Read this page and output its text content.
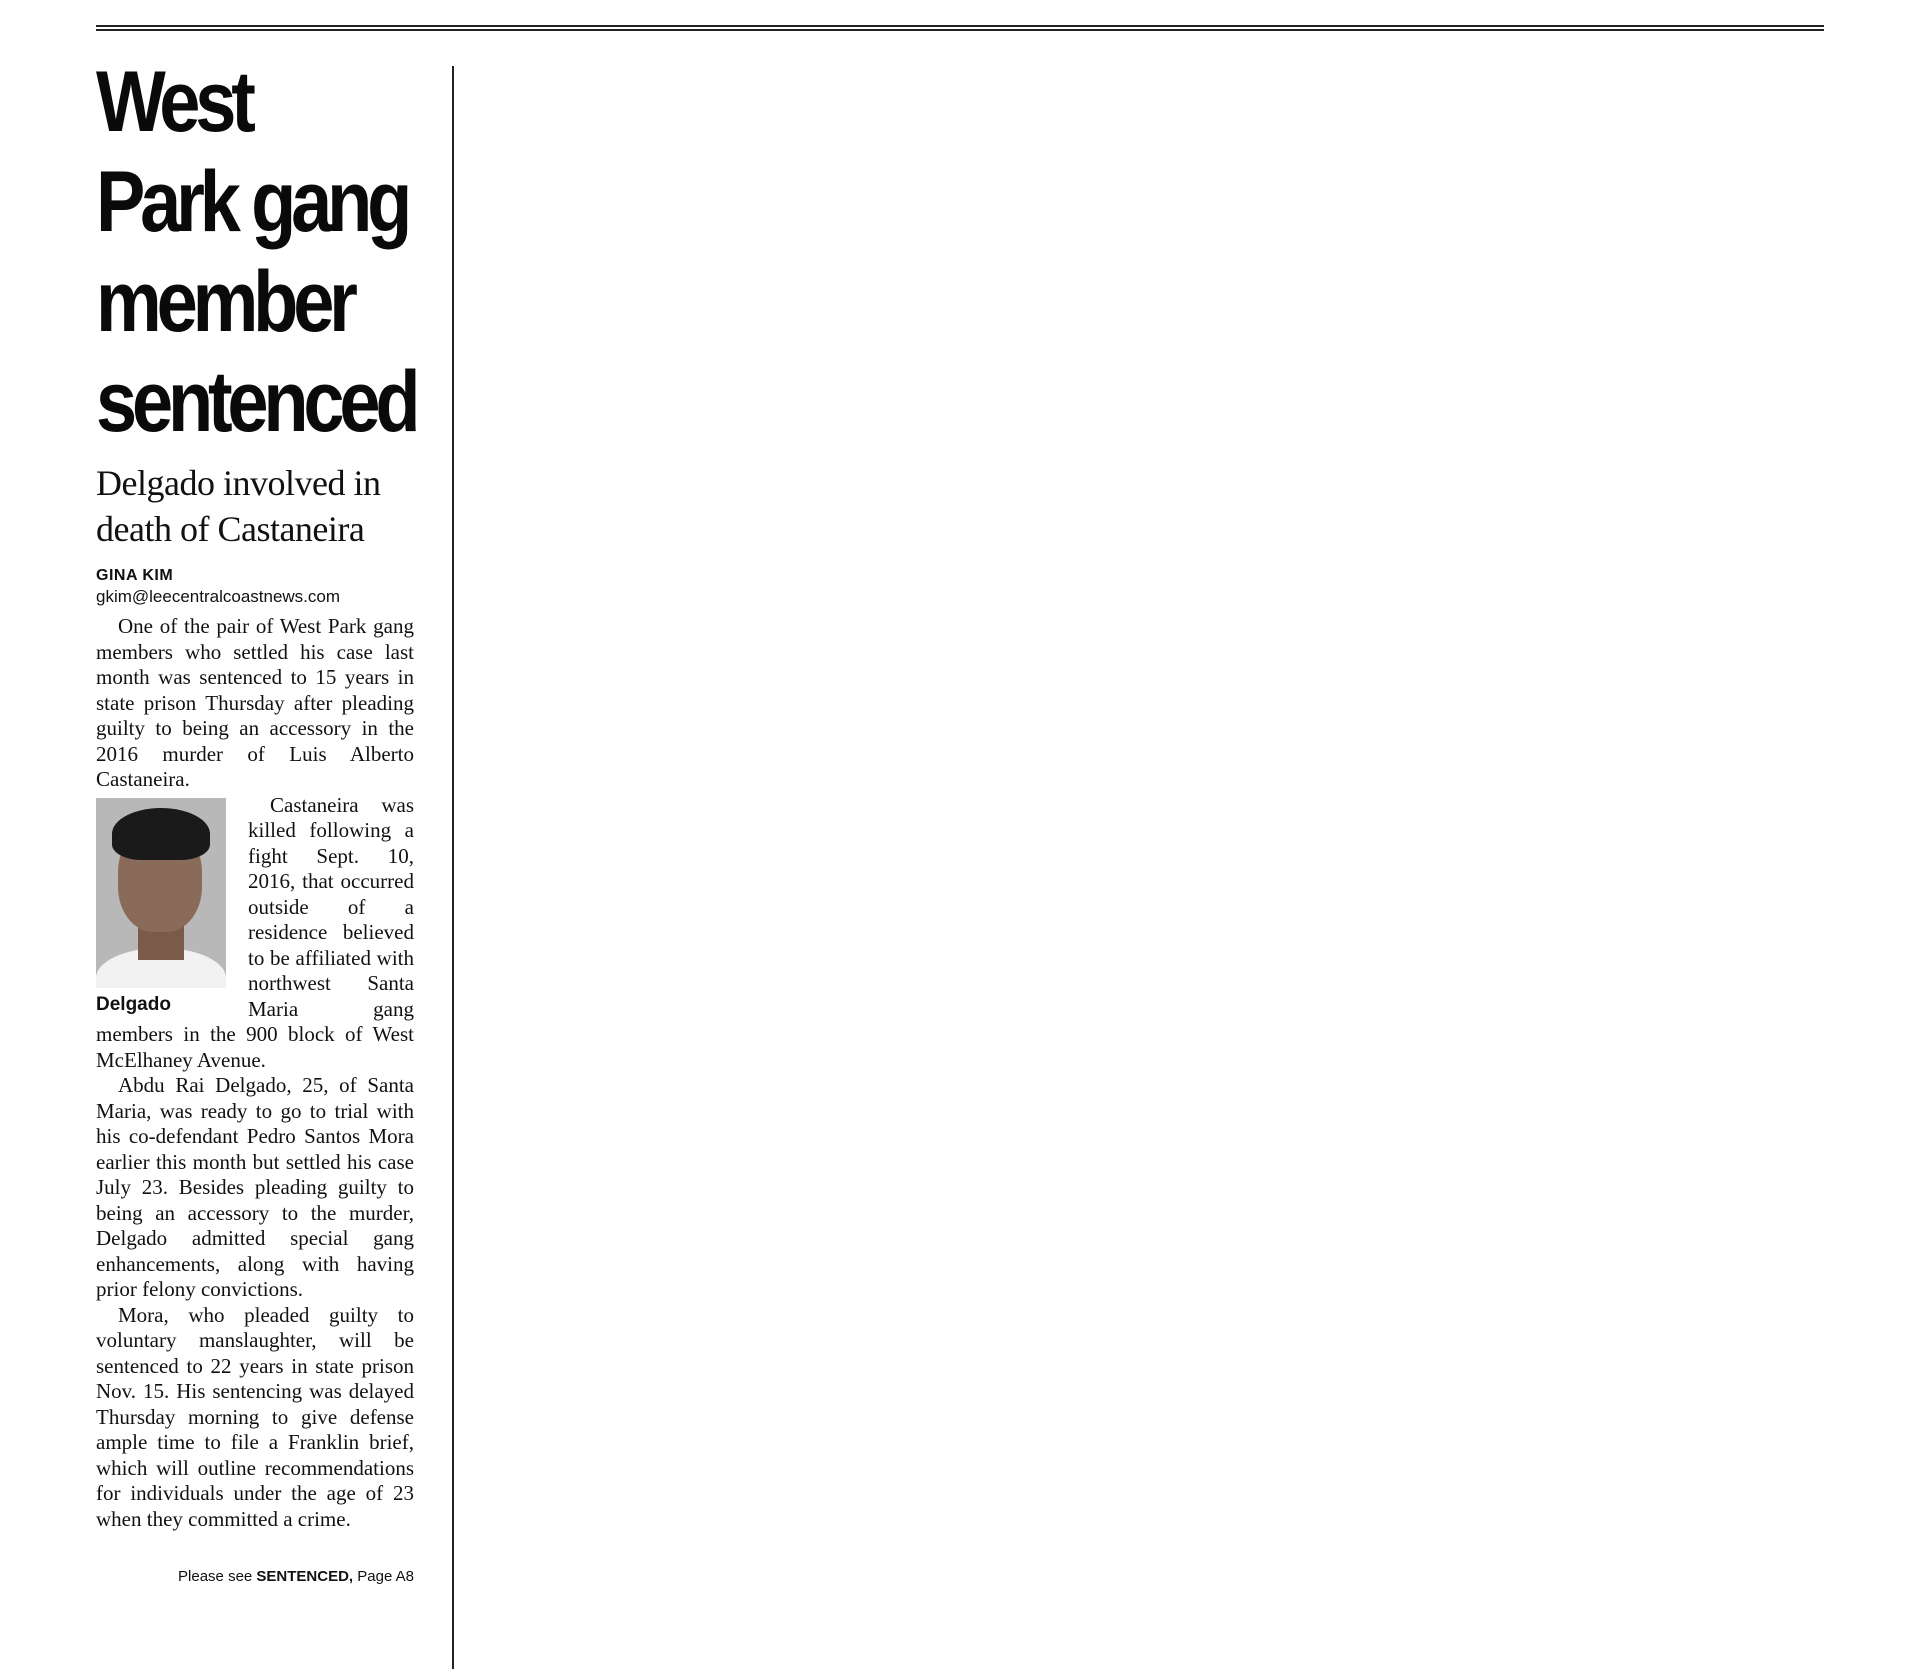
West
Park gang
member
sentenced
Delgado involved in death of Castaneira
GINA KIM
gkim@leecentralcoastnews.com

One of the pair of West Park gang members who settled his case last month was sentenced to 15 years in state prison Thursday after pleading guilty to being an accessory in the 2016 murder of Luis Alberto Castaneira.

Delgado

Castaneira was killed following a fight Sept. 10, 2016, that occurred outside of a residence believed to be affiliated with northwest Santa Maria gang members in the 900 block of West McElhaney Avenue.

Abdu Rai Delgado, 25, of Santa Maria, was ready to go to trial with his co-defendant Pedro Santos Mora earlier this month but settled his case July 23. Besides pleading guilty to being an accessory to the murder, Delgado admitted special gang enhancements, along with having prior felony convictions.

Mora, who pleaded guilty to voluntary manslaughter, will be sentenced to 22 years in state prison Nov. 15. His sentencing was delayed Thursday morning to give defense ample time to file a Franklin brief, which will outline recommendations for individuals under the age of 23 when they committed a crime.

Please see SENTENCED, Page A8
